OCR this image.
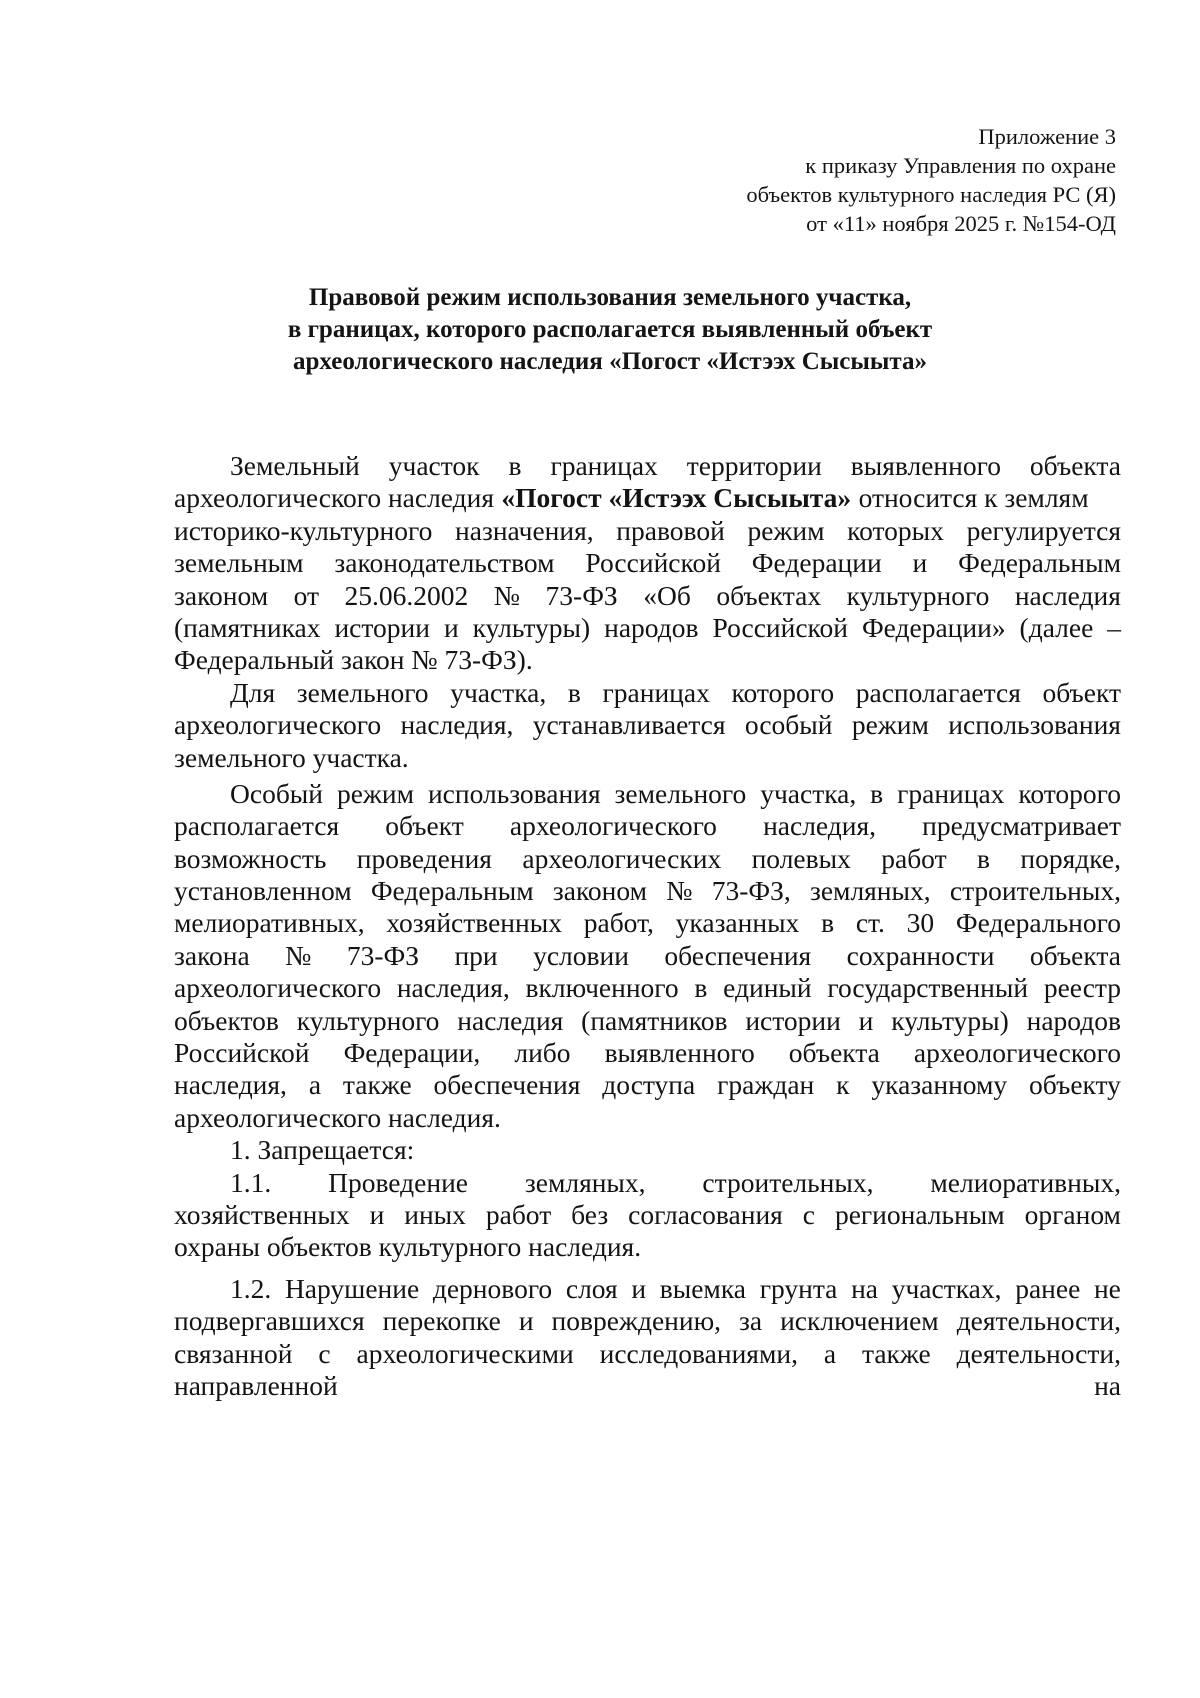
Приложение 3
к приказу Управления по охране
объектов культурного наследия РС (Я)
от «11» ноября 2025 г. №154-ОД
Правовой режим использования земельного участка,
в границах, которого располагается выявленный объект
археологического наследия «Погост «Истээх Сысыыта»
Земельный участок в границах территории выявленного объекта
археологического наследия «Погост «Истээх Сысыыта» относится к землям
историко-культурного назначения, правовой режим которых регулируется
земельным законодательством Российской Федерации и Федеральным
законом от 25.06.2002 № 73-ФЗ «Об объектах культурного наследия
(памятниках истории и культуры) народов Российской Федерации» (далее –
Федеральный закон № 73-ФЗ).
Для земельного участка, в границах которого располагается объект
археологического наследия, устанавливается особый режим использования
земельного участка.
Особый режим использования земельного участка, в границах которого
располагается объект археологического наследия, предусматривает
возможность проведения археологических полевых работ в порядке,
установленном Федеральным законом № 73-ФЗ, земляных, строительных,
мелиоративных, хозяйственных работ, указанных в ст. 30 Федерального
закона № 73-ФЗ при условии обеспечения сохранности объекта
археологического наследия, включенного в единый государственный реестр
объектов культурного наследия (памятников истории и культуры) народов
Российской Федерации, либо выявленного объекта археологического
наследия, а также обеспечения доступа граждан к указанному объекту
археологического наследия.
1. Запрещается:
1.1. Проведение земляных, строительных, мелиоративных,
хозяйственных и иных работ без согласования с региональным органом
охраны объектов культурного наследия.
1.2. Нарушение дернового слоя и выемка грунта на участках, ранее не
подвергавшихся перекопке и повреждению, за исключением деятельности,
связанной с археологическими исследованиями, а также деятельности,
направленной	на
